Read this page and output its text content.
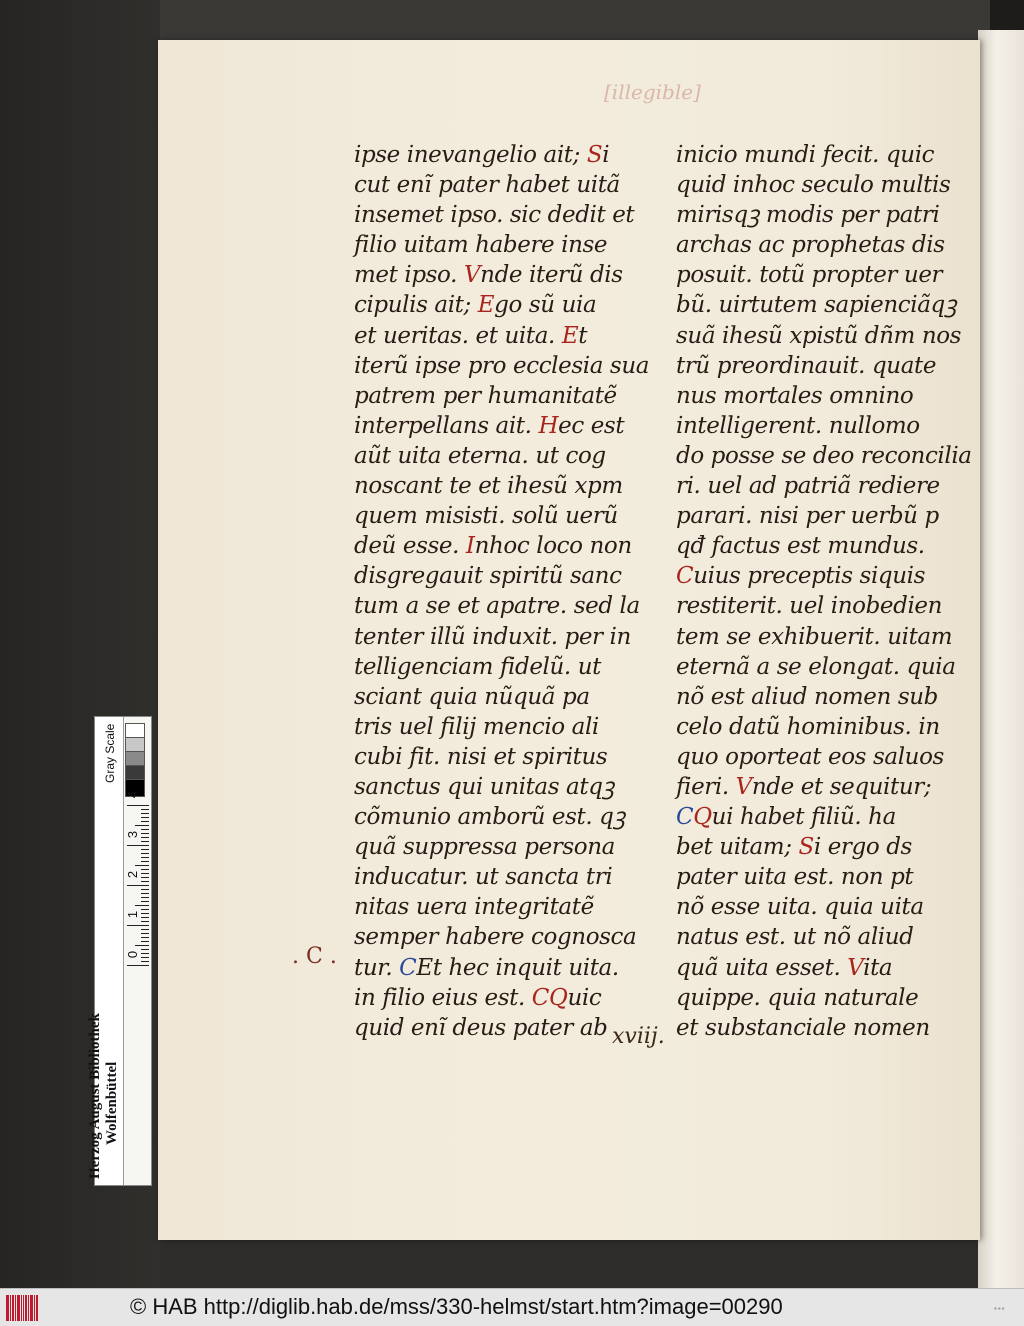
[illegible]
ipse inevangelio ait; Si
cut enĩ pater habet uitã
insemet ipso. sic dedit et
filio uitam habere inse
met ipso. Vnde iterũ dis
cipulis ait; Ego sũ uia
et ueritas. et uita. Et
iterũ ipse pro ecclesia sua
patrem per humanitatẽ
interpellans ait. Hec est
aũt uita eterna. ut cog
noscant te et ihesũ xpm
quem misisti. solũ uerũ
deũ esse. Inhoc loco non
disgregauit spiritũ sanc
tum a se et apatre. sed la
tenter illũ induxit. per in
telligenciam fidelũ. ut
sciant quia nũquã pa
tris uel filij mencio ali
cubi fit. nisi et spiritus
sanctus qui unitas atqꝫ
cõmunio amborũ est. qꝫ
quã suppressa persona
inducatur. ut sancta tri
nitas uera integritatẽ
semper habere cognosca
tur. CEt hec inquit uita.
in filio eius est. CQuic
quid enĩ deus pater ab
inicio mundi fecit. quic
quid inhoc seculo multis
mirisqꝫ modis per patri
archas ac prophetas dis
posuit. totũ propter uer
bũ. uirtutem sapienciãqꝫ
suã ihesũ xpistũ dñm nos
trũ preordinauit. quate
nus mortales omnino
intelligerent. nullomo
do posse se deo reconcilia
ri. uel ad patriã rediere
parari. nisi per uerbũ p
qđ factus est mundus.
Cuius preceptis siquis
restiterit. uel inobedien
tem se exhibuerit. uitam
eternã a se elongat. quia
nõ est aliud nomen sub
celo datũ hominibus. in
quo oporteat eos saluos
fieri. Vnde et sequitur;
CQui habet filiũ. ha
bet uitam; Si ergo ds
pater uita est. non pt
nõ esse uita. quia uita
natus est. ut nõ aliud
quã uita esset. Vita
quippe. quia naturale
et substanciale nomen
. C .
xviij.
Herzog August Bibliothek
Wolfenbüttel
Gray Scale
0
1
2
3
4
© HAB http://diglib.hab.de/mss/330-helmst/start.htm?image=00290	▪▪▪
